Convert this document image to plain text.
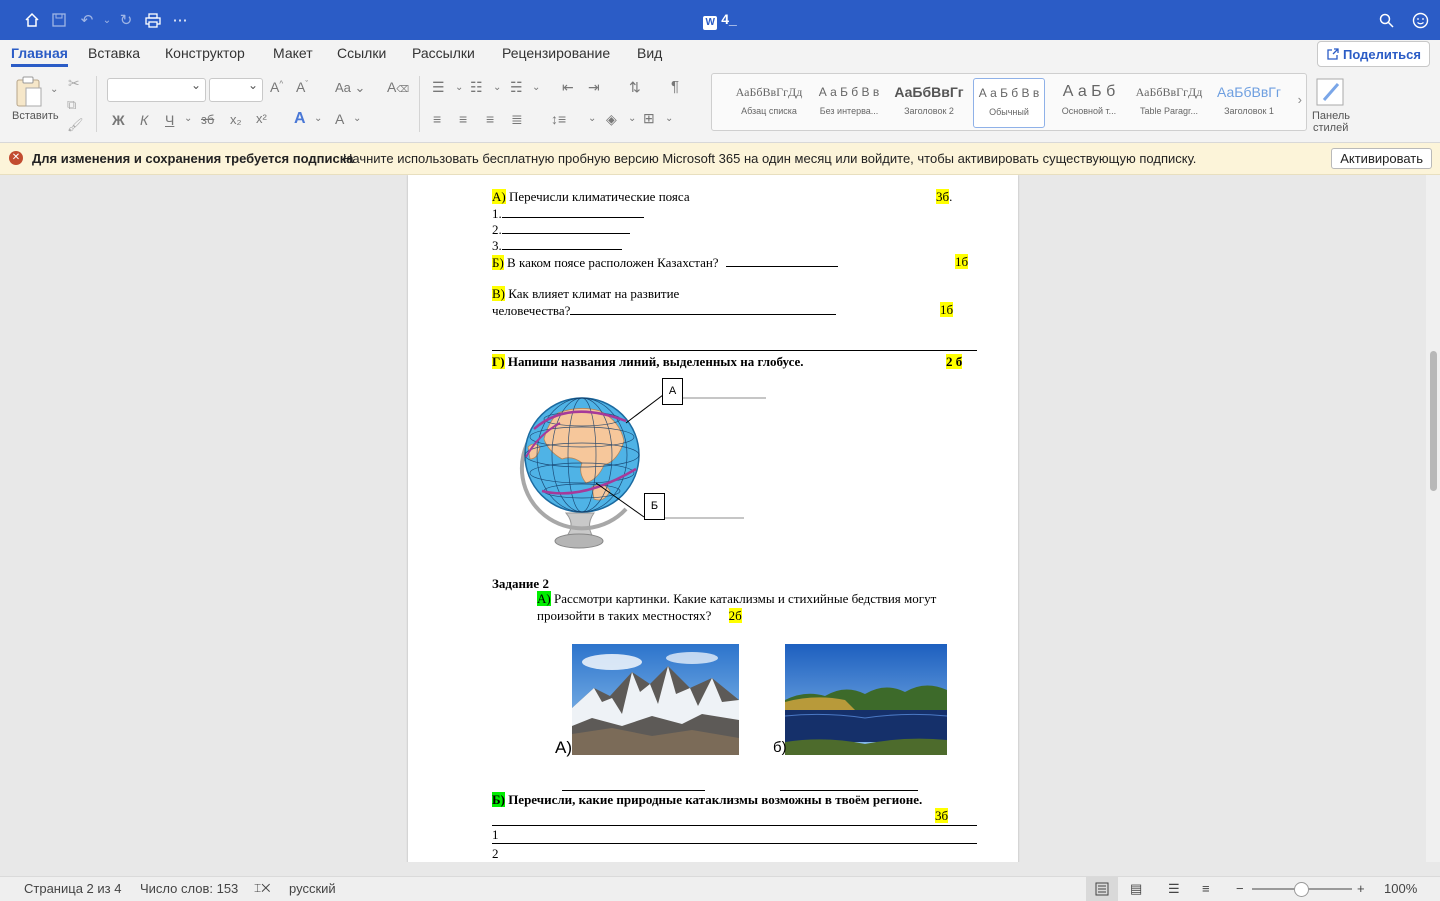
↶ ⌄ ↻	⋯	W 4_
Главная Вставка Конструктор Макет Ссылки Рассылки Рецензирование Вид	Поделиться
⌄
Вставить
✂
⧉
🖌
⌄
⌄
A^ $A^ˇ$ Aa ⌄ A⌫
Ж К Ч ⌄ зб x₂ x² A ⌄ A ⌄
☰ ⌄ ☷ ⌄ ☵ ⌄ ⇤ ⇥ ⇅ ¶
≡ ≡ ≡ ≣ ↕≡ ⌄ ◈ ⌄ ⊞ ⌄
АаБбВвГгДд
Абзац списка
А а Б б В в
Без интерва...
АаБбВвГг
Заголовок 2
А а Б б В в
Обычный
А а Б б
Основной т...
АаБбВвГгДд
Table Paragr...
АаБбВвГг
Заголовок 1
›
Панель
стилей
✕ Для изменения и сохранения требуется подписка
Начните использовать бесплатную пробную версию Microsoft 365 на один месяц или войдите, чтобы активировать существующую подписку.	Активировать
А) Перечисли климатические пояса	3б.
1.
2.
3.
Б) В каком поясе расположен Казахстан?	1б
В) Как влияет климат на развитие
человечества?	1б
Г) Напиши названия линий, выделенных на глобусе.	2 б
А
Б
Задание 2
А) Рассмотри картинки. Какие катаклизмы и стихийные бедствия могут
произойти в таких местностях? 2б
А)	б)
Б) Перечисли, какие природные катаклизмы возможны в твоём регионе.
3б
1
2
Страница 2 из 4 Число слов: 153 ⌶✕ русский	▤ ☰ ≡ −	+ 100%
